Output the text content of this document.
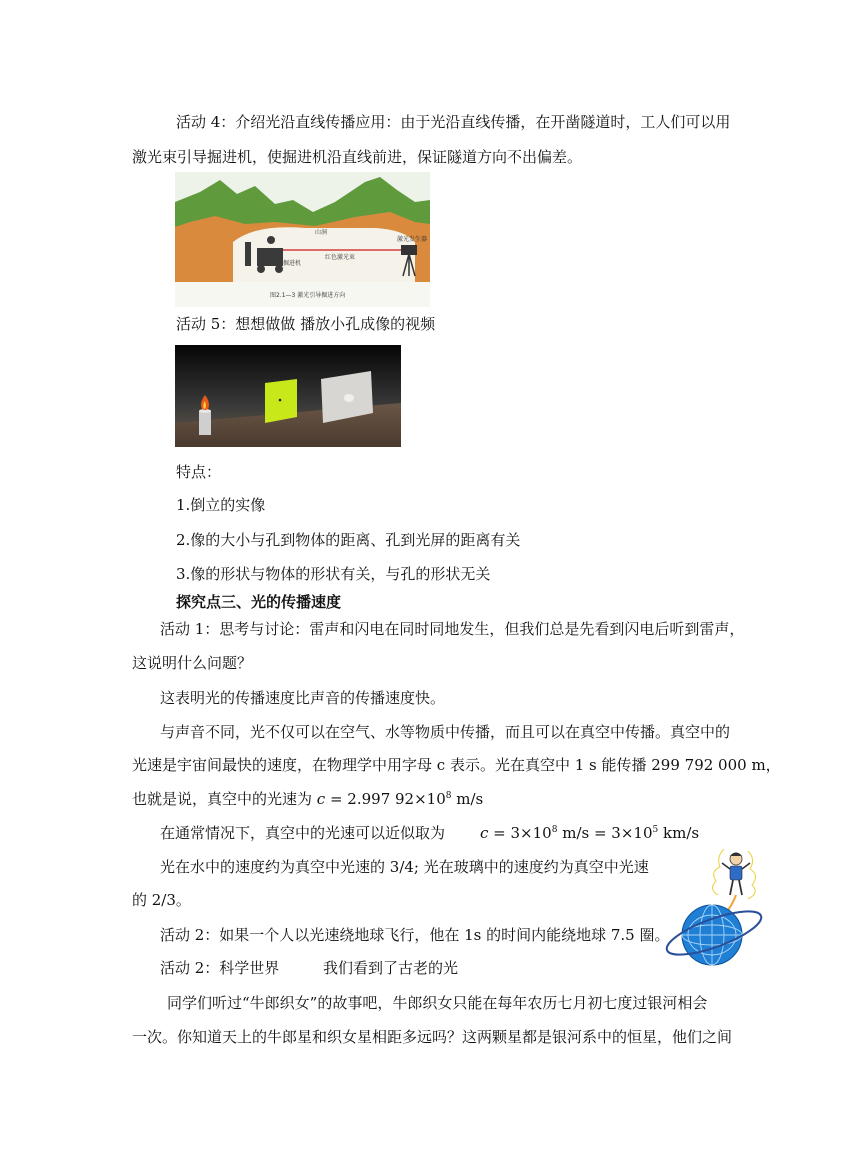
活动 4：介绍光沿直线传播应用：由于光沿直线传播，在开凿隧道时，工人们可以用
激光束引导掘进机，使掘进机沿直线前进，保证隧道方向不出偏差。
山洞
红色激光束
掘进机
激光发生器
图2.1—3 激光引导掘进方向
活动 5：想想做做 播放小孔成像的视频
特点：
1.倒立的实像
2.像的大小与孔到物体的距离、孔到光屏的距离有关
3.像的形状与物体的形状有关，与孔的形状无关
探究点三、光的传播速度
活动 1：思考与讨论：雷声和闪电在同时同地发生，但我们总是先看到闪电后听到雷声，
这说明什么问题？
这表明光的传播速度比声音的传播速度快。
与声音不同，光不仅可以在空气、水等物质中传播，而且可以在真空中传播。真空中的
光速是宇宙间最快的速度，在物理学中用字母 c 表示。光在真空中 1 s 能传播 299 792 000 m，
也就是说，真空中的光速为 c = 2.997 $92\times 10^8$ m/s
在通常情况下，真空中的光速可以近似取为 $c = 3\times 10^8$ $m/s = 3\times 10^5$ km/s
光在水中的速度约为真空中光速的 3/4; 光在玻璃中的速度约为真空中光速
的 2/3。
活动 2：如果一个人以光速绕地球飞行，他在 1s 的时间内能绕地球 7.5 圈。
活动 2：科学世界	我们看到了古老的光
同学们听过“牛郎织女”的故事吧，牛郎织女只能在每年农历七月初七度过银河相会
一次。你知道天上的牛郎星和织女星相距多远吗？这两颗星都是银河系中的恒星，他们之间
